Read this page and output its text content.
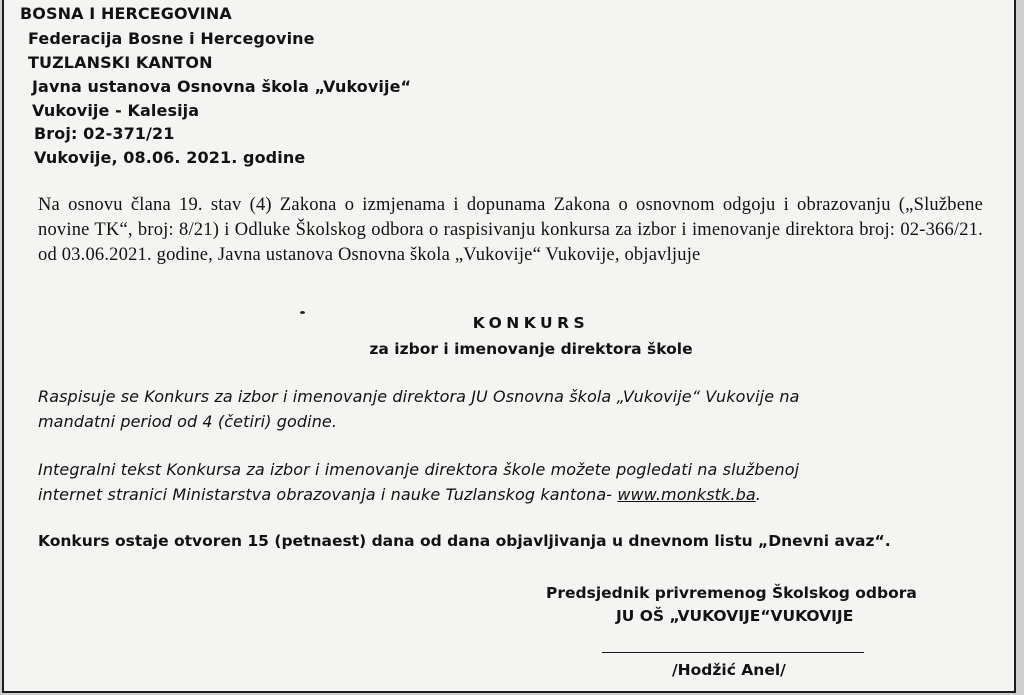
BOSNA I HERCEGOVINA
Federacija Bosne i Hercegovine
TUZLANSKI KANTON
Javna ustanova Osnovna škola „Vukovije“
Vukovije - Kalesija
Broj: 02-371/21
Vukovije, 08.06. 2021. godine
Na osnovu člana 19. stav (4) Zakona o izmjenama i dopunama Zakona o osnovnom odgoju i obrazovanju („Službene novine TK“, broj: 8/21) i Odluke Školskog odbora o raspisivanju konkursa za izbor i imenovanje direktora broj: 02-366/21. od 03.06.2021. godine, Javna ustanova Osnovna škola „Vukovije“ Vukovije, objavljuje
KONKURS
za izbor i imenovanje direktora škole
Raspisuje se Konkurs za izbor i imenovanje direktora JU Osnovna škola „Vukovije“ Vukovije na
mandatni period od 4 (četiri) godine.
Integralni tekst Konkursa za izbor i imenovanje direktora škole možete pogledati na službenoj
internet stranici Ministarstva obrazovanja i nauke Tuzlanskog kantona- www.monkstk.ba.
Konkurs ostaje otvoren 15 (petnaest) dana od dana objavljivanja u dnevnom listu „Dnevni avaz“.
Predsjednik privremenog Školskog odbora
JU OŠ „VUKOVIJE“VUKOVIJE
/Hodžić Anel/
